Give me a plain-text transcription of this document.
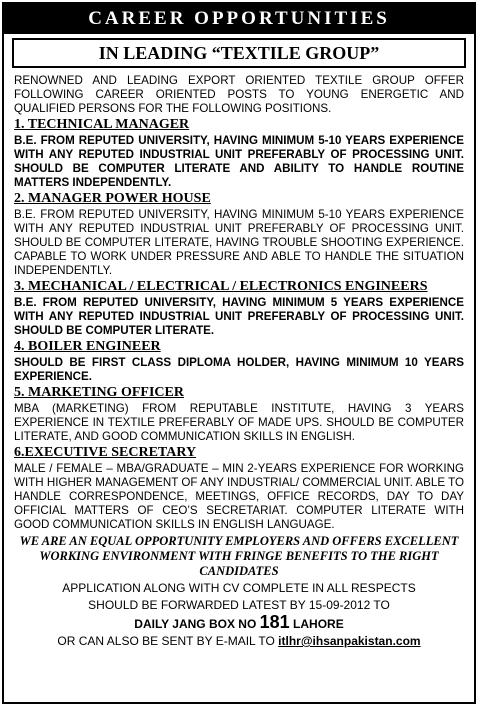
CAREER OPPORTUNITIES
IN LEADING “TEXTILE GROUP”

RENOWNED AND LEADING EXPORT ORIENTED TEXTILE GROUP OFFER FOLLOWING CAREER ORIENTED POSTS TO YOUNG ENERGETIC AND QUALIFIED PERSONS FOR THE FOLLOWING POSITIONS.

1. TECHNICAL MANAGER

B.E. FROM REPUTED UNIVERSITY, HAVING MINIMUM 5-10 YEARS EXPERIENCE WITH ANY REPUTED INDUSTRIAL UNIT PREFERABLY OF PROCESSING UNIT. SHOULD BE COMPUTER LITERATE AND ABILITY TO HANDLE ROUTINE MATTERS INDEPENDENTLY.

2. MANAGER POWER HOUSE

B.E. FROM REPUTED UNIVERSITY, HAVING MINIMUM 5-10 YEARS EXPERIENCE WITH ANY REPUTED INDUSTRIAL UNIT PREFERABLY OF PROCESSING UNIT. SHOULD BE COMPUTER LITERATE, HAVING TROUBLE SHOOTING EXPERIENCE. CAPABLE TO WORK UNDER PRESSURE AND ABLE TO HANDLE THE SITUATION INDEPENDENTLY.

3. MECHANICAL / ELECTRICAL / ELECTRONICS ENGINEERS

B.E. FROM REPUTED UNIVERSITY, HAVING MINIMUM 5 YEARS EXPERIENCE WITH ANY REPUTED INDUSTRIAL UNIT PREFERABLY OF PROCESSING UNIT. SHOULD BE COMPUTER LITERATE.

4. BOILER ENGINEER

SHOULD BE FIRST CLASS DIPLOMA HOLDER, HAVING MINIMUM 10 YEARS EXPERIENCE.

5. MARKETING OFFICER

MBA (MARKETING) FROM REPUTABLE INSTITUTE, HAVING 3 YEARS EXPERIENCE IN TEXTILE PREFERABLY OF MADE UPS. SHOULD BE COMPUTER LITERATE, AND GOOD COMMUNICATION SKILLS IN ENGLISH.

6.EXECUTIVE SECRETARY

MALE / FEMALE – MBA/GRADUATE – MIN 2-YEARS EXPERIENCE FOR WORKING WITH HIGHER MANAGEMENT OF ANY INDUSTRIAL/ COMMERCIAL UNIT. ABLE TO HANDLE CORRESPONDENCE, MEETINGS, OFFICE RECORDS, DAY TO DAY OFFICIAL MATTERS OF CEO’S SECRETARIAT. COMPUTER LITERATE WITH GOOD COMMUNICATION SKILLS IN ENGLISH LANGUAGE.

WE ARE AN EQUAL OPPORTUNITY EMPLOYERS AND OFFERS EXCELLENT WORKING ENVIRONMENT WITH FRINGE BENEFITS TO THE RIGHT CANDIDATES

APPLICATION ALONG WITH CV COMPLETE IN ALL RESPECTS

SHOULD BE FORWARDED LATEST BY 15-09-2012 TO

DAILY JANG BOX NO 181 LAHORE

OR CAN ALSO BE SENT BY E-MAIL TO itlhr@ihsanpakistan.com
